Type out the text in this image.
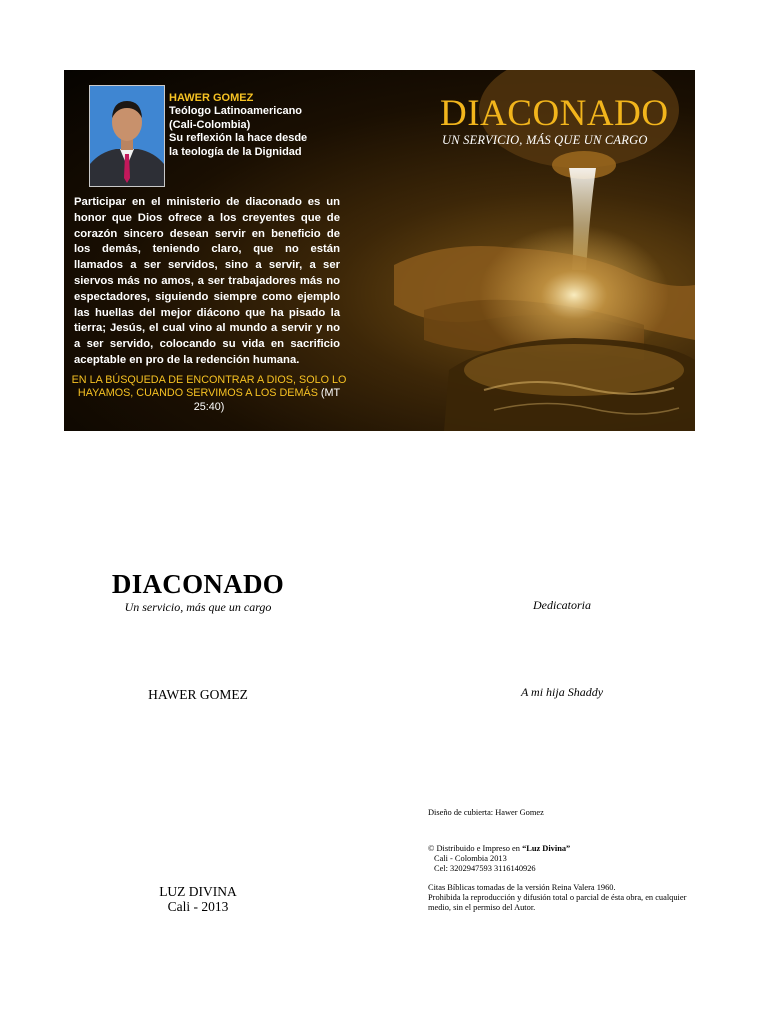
HAWER GOMEZ
Teólogo Latinoamericano
(Cali-Colombia)
Su reflexión la hace desde
la teología de la Dignidad
DIACONADO
UN SERVICIO, MÁS QUE UN CARGO
Participar en el ministerio de diaconado es un honor que Dios ofrece a los creyentes que de corazón sincero desean servir en beneficio de los demás, teniendo claro, que no están llamados a ser servidos, sino a servir, a ser siervos más no amos, a ser trabajadores más no espectadores, siguiendo siempre como ejemplo las huellas del mejor diácono que ha pisado la tierra; Jesús, el cual vino al mundo a servir y no a ser servido, colocando su vida en sacrificio aceptable en pro de la redención humana.
EN LA BÚSQUEDA DE ENCONTRAR A DIOS, SOLO LO HAYAMOS, CUANDO SERVIMOS A LOS DEMÁS (MT 25:40)
DIACONADO
Un servicio, más que un cargo
HAWER GOMEZ
LUZ DIVINA
Cali - 2013
Dedicatoria
A mi hija Shaddy
Diseño de cubierta: Hawer Gomez
© Distribuido e Impreso en “Luz Divina”
Cali - Colombia 2013
Cel: 3202947593 3116140926
Citas Bíblicas tomadas de la versión Reina Valera 1960.
Prohibida la reproducción y difusión total o parcial de ésta obra, en cualquier medio, sin el permiso del Autor.
